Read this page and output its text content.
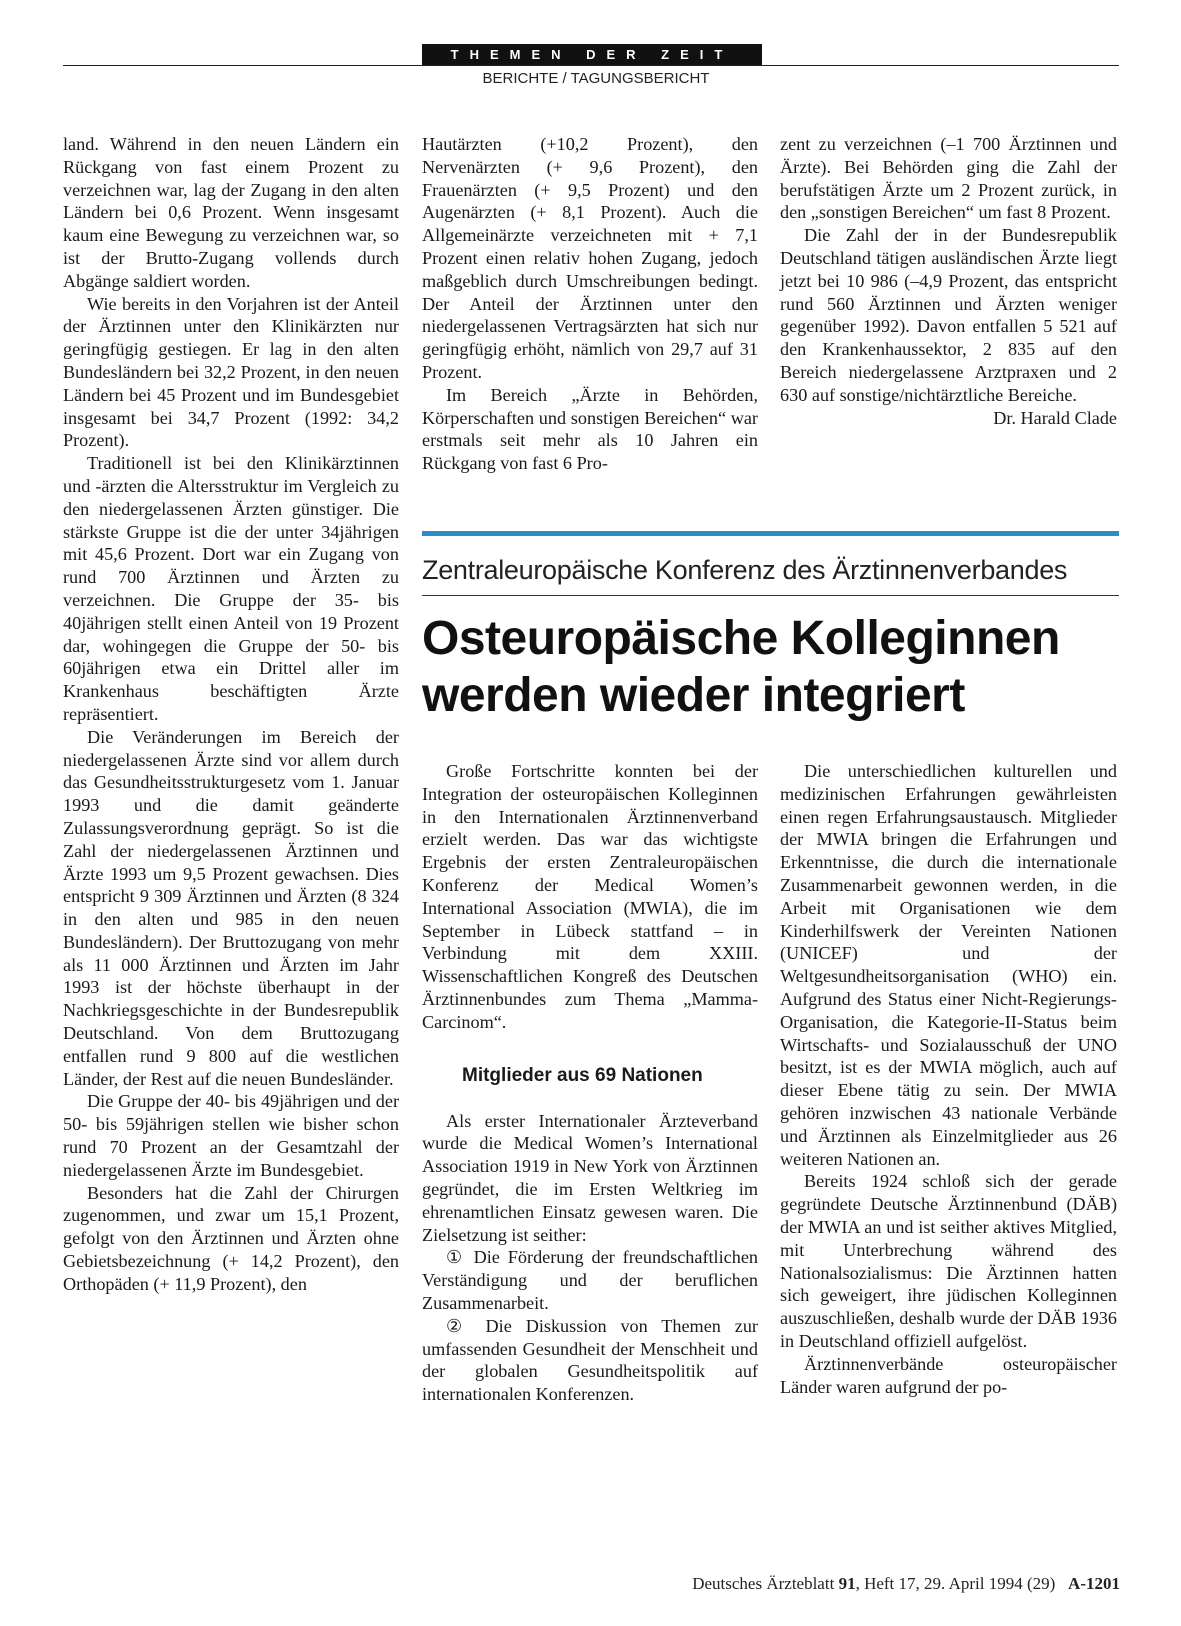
THEMEN DER ZEIT
BERICHTE / TAGUNGSBERICHT

land. Während in den neuen Ländern ein Rückgang von fast einem Prozent zu verzeichnen war, lag der Zugang in den alten Ländern bei 0,6 Prozent. Wenn insgesamt kaum eine Bewegung zu verzeichnen war, so ist der Brutto-Zugang vollends durch Abgänge saldiert worden.

Wie bereits in den Vorjahren ist der Anteil der Ärztinnen unter den Klinikärzten nur geringfügig gestiegen. Er lag in den alten Bundesländern bei 32,2 Prozent, in den neuen Ländern bei 45 Prozent und im Bundesgebiet insgesamt bei 34,7 Prozent (1992: 34,2 Prozent).

Traditionell ist bei den Klinikärztinnen und -ärzten die Altersstruktur im Vergleich zu den niedergelassenen Ärzten günstiger. Die stärkste Gruppe ist die der unter 34jährigen mit 45,6 Prozent. Dort war ein Zugang von rund 700 Ärztinnen und Ärzten zu verzeichnen. Die Gruppe der 35- bis 40jährigen stellt einen Anteil von 19 Prozent dar, wohingegen die Gruppe der 50- bis 60jährigen etwa ein Drittel aller im Krankenhaus beschäftigten Ärzte repräsentiert.

Die Veränderungen im Bereich der niedergelassenen Ärzte sind vor allem durch das Gesundheitsstrukturgesetz vom 1. Januar 1993 und die damit geänderte Zulassungsverordnung geprägt. So ist die Zahl der niedergelassenen Ärztinnen und Ärzte 1993 um 9,5 Prozent gewachsen. Dies entspricht 9 309 Ärztinnen und Ärzten (8 324 in den alten und 985 in den neuen Bundesländern). Der Bruttozugang von mehr als 11 000 Ärztinnen und Ärzten im Jahr 1993 ist der höchste überhaupt in der Nachkriegsgeschichte in der Bundesrepublik Deutschland. Von dem Bruttozugang entfallen rund 9 800 auf die westlichen Länder, der Rest auf die neuen Bundesländer.

Die Gruppe der 40- bis 49jährigen und der 50- bis 59jährigen stellen wie bisher schon rund 70 Prozent an der Gesamtzahl der niedergelassenen Ärzte im Bundesgebiet.

Besonders hat die Zahl der Chirurgen zugenommen, und zwar um 15,1 Prozent, gefolgt von den Ärztinnen und Ärzten ohne Gebietsbezeichnung (+ 14,2 Prozent), den Orthopäden (+ 11,9 Prozent), den

Hautärzten (+10,2 Prozent), den Nervenärzten (+ 9,6 Prozent), den Frauenärzten (+ 9,5 Prozent) und den Augenärzten (+ 8,1 Prozent). Auch die Allgemeinärzte verzeichneten mit + 7,1 Prozent einen relativ hohen Zugang, jedoch maßgeblich durch Umschreibungen bedingt. Der Anteil der Ärztinnen unter den niedergelassenen Vertragsärzten hat sich nur geringfügig erhöht, nämlich von 29,7 auf 31 Prozent.

Im Bereich „Ärzte in Behörden, Körperschaften und sonstigen Bereichen“ war erstmals seit mehr als 10 Jahren ein Rückgang von fast 6 Pro-

zent zu verzeichnen (–1 700 Ärztinnen und Ärzte). Bei Behörden ging die Zahl der berufstätigen Ärzte um 2 Prozent zurück, in den „sonstigen Bereichen“ um fast 8 Prozent.

Die Zahl der in der Bundesrepublik Deutschland tätigen ausländischen Ärzte liegt jetzt bei 10 986 (–4,9 Prozent, das entspricht rund 560 Ärztinnen und Ärzten weniger gegenüber 1992). Davon entfallen 5 521 auf den Krankenhaussektor, 2 835 auf den Bereich niedergelassene Arztpraxen und 2 630 auf sonstige/nichtärztliche Bereiche.

Dr. Harald Clade

Zentraleuropäische Konferenz des Ärztinnenverbandes
Osteuropäische Kolleginnen werden wieder integriert

Große Fortschritte konnten bei der Integration der osteuropäischen Kolleginnen in den Internationalen Ärztinnenverband erzielt werden. Das war das wichtigste Ergebnis der ersten Zentraleuropäischen Konferenz der Medical Women’s International Association (MWIA), die im September in Lübeck stattfand – in Verbindung mit dem XXIII. Wissenschaftlichen Kongreß des Deutschen Ärztinnenbundes zum Thema „Mamma-Carcinom“.

Mitglieder aus 69 Nationen

Als erster Internationaler Ärzteverband wurde die Medical Women’s International Association 1919 in New York von Ärztinnen gegründet, die im Ersten Weltkrieg im ehrenamtlichen Einsatz gewesen waren. Die Zielsetzung ist seither:

① Die Förderung der freundschaftlichen Verständigung und der beruflichen Zusammenarbeit.

② Die Diskussion von Themen zur umfassenden Gesundheit der Menschheit und der globalen Gesundheitspolitik auf internationalen Konferenzen.

Die unterschiedlichen kulturellen und medizinischen Erfahrungen gewährleisten einen regen Erfahrungsaustausch. Mitglieder der MWIA bringen die Erfahrungen und Erkenntnisse, die durch die internationale Zusammenarbeit gewonnen werden, in die Arbeit mit Organisationen wie dem Kinderhilfswerk der Vereinten Nationen (UNICEF) und der Weltgesundheitsorganisation (WHO) ein. Aufgrund des Status einer Nicht-Regierungs-Organisation, die Kategorie-II-Status beim Wirtschafts- und Sozialausschuß der UNO besitzt, ist es der MWIA möglich, auch auf dieser Ebene tätig zu sein. Der MWIA gehören inzwischen 43 nationale Verbände und Ärztinnen als Einzelmitglieder aus 26 weiteren Nationen an.

Bereits 1924 schloß sich der gerade gegründete Deutsche Ärztinnenbund (DÄB) der MWIA an und ist seither aktives Mitglied, mit Unterbrechung während des Nationalsozialismus: Die Ärztinnen hatten sich geweigert, ihre jüdischen Kolleginnen auszuschließen, deshalb wurde der DÄB 1936 in Deutschland offiziell aufgelöst.

Ärztinnenverbände osteuropäischer Länder waren aufgrund der po-

Deutsches Ärzteblatt 91, Heft 17, 29. April 1994 (29) A-1201
